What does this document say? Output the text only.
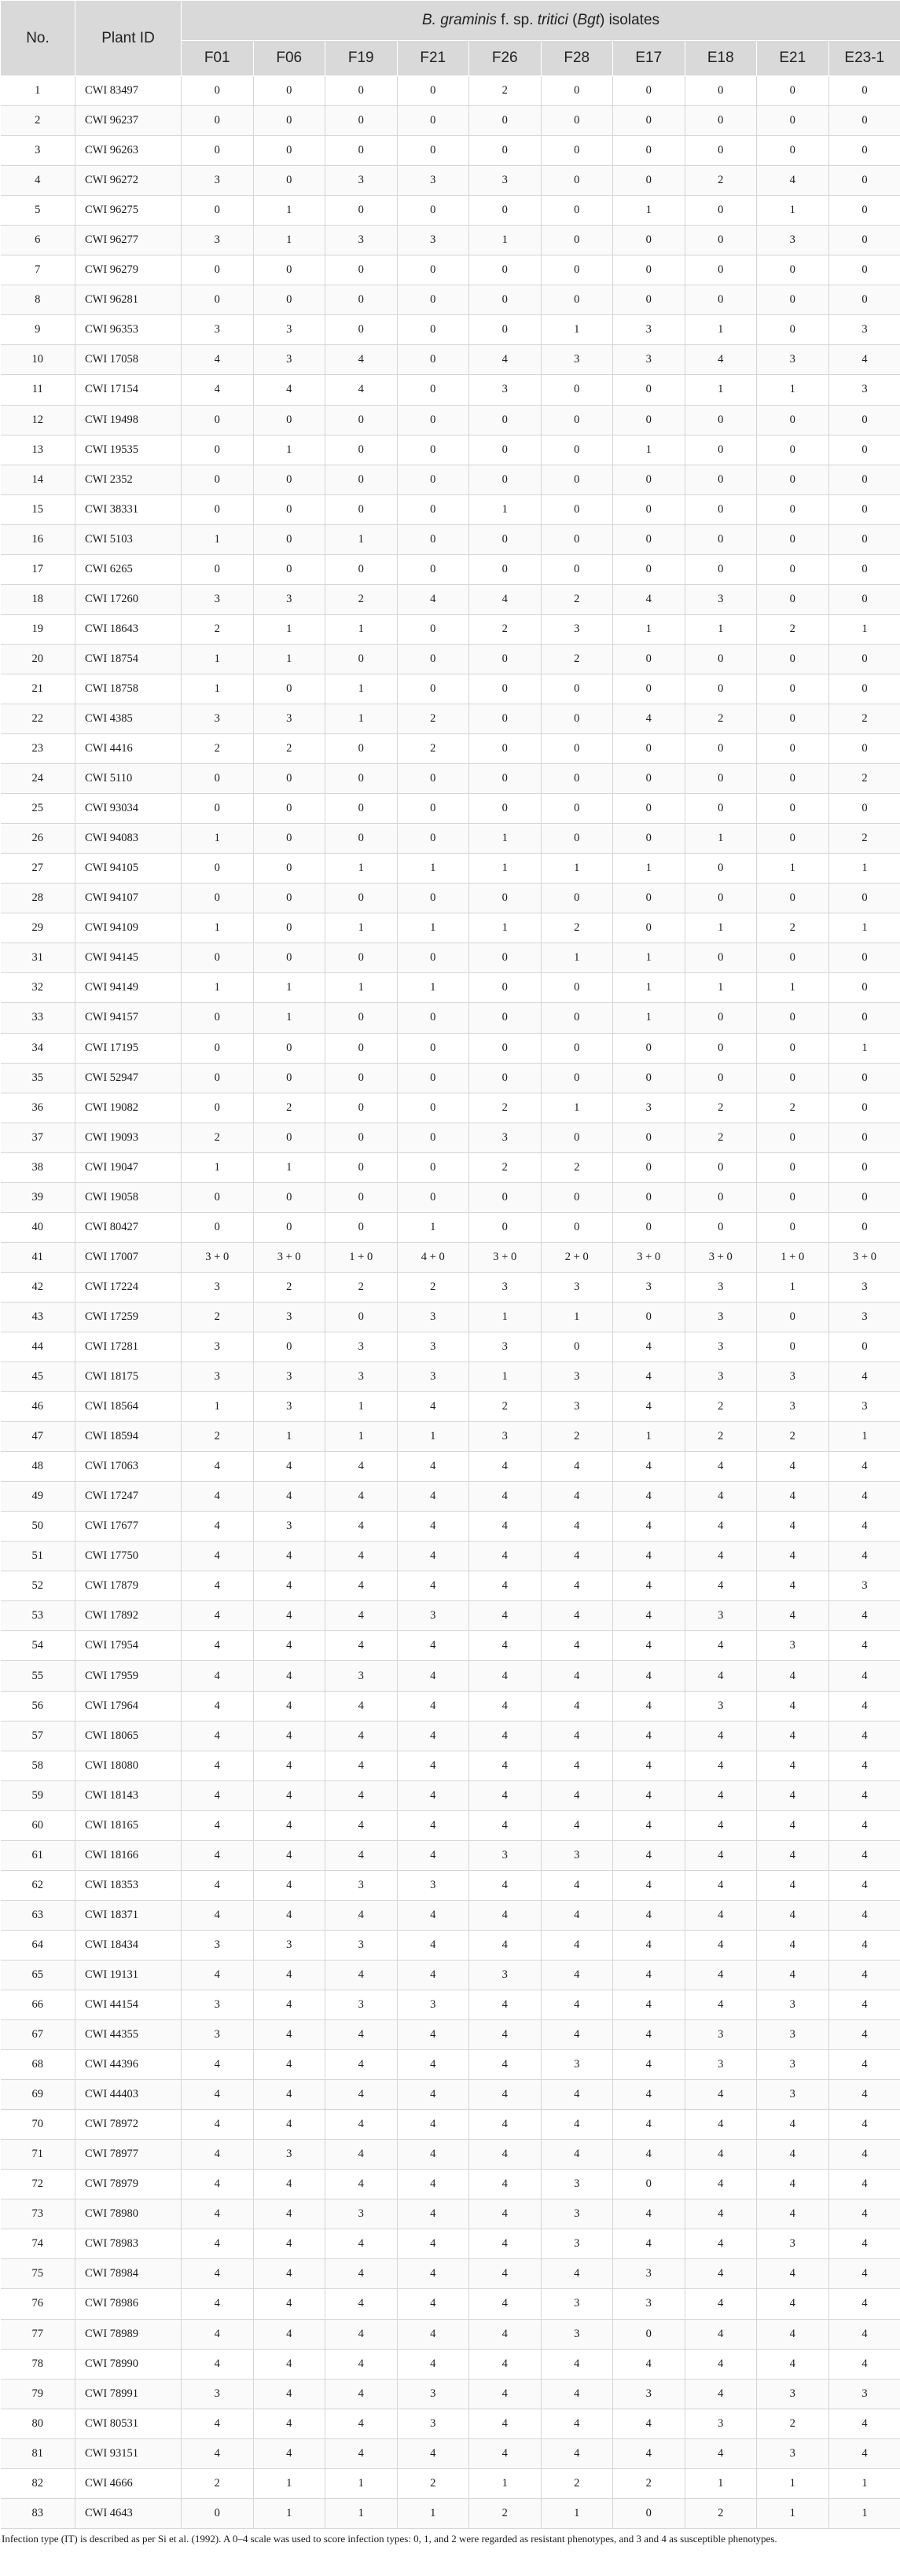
No.	Plant ID	B. graminis f. sp. tritici (Bgt) isolates									
		F01	F06	F19	F21	F26	F28	E17	E18	E21	E23-1
1	CWI 83497	0	0	0	0	2	0	0	0	0	0
2	CWI 96237	0	0	0	0	0	0	0	0	0	0
3	CWI 96263	0	0	0	0	0	0	0	0	0	0
4	CWI 96272	3	0	3	3	3	0	0	2	4	0
5	CWI 96275	0	1	0	0	0	0	1	0	1	0
6	CWI 96277	3	1	3	3	1	0	0	0	3	0
7	CWI 96279	0	0	0	0	0	0	0	0	0	0
8	CWI 96281	0	0	0	0	0	0	0	0	0	0
9	CWI 96353	3	3	0	0	0	1	3	1	0	3
10	CWI 17058	4	3	4	0	4	3	3	4	3	4
11	CWI 17154	4	4	4	0	3	0	0	1	1	3
12	CWI 19498	0	0	0	0	0	0	0	0	0	0
13	CWI 19535	0	1	0	0	0	0	1	0	0	0
14	CWI 2352	0	0	0	0	0	0	0	0	0	0
15	CWI 38331	0	0	0	0	1	0	0	0	0	0
16	CWI 5103	1	0	1	0	0	0	0	0	0	0
17	CWI 6265	0	0	0	0	0	0	0	0	0	0
18	CWI 17260	3	3	2	4	4	2	4	3	0	0
19	CWI 18643	2	1	1	0	2	3	1	1	2	1
20	CWI 18754	1	1	0	0	0	2	0	0	0	0
21	CWI 18758	1	0	1	0	0	0	0	0	0	0
22	CWI 4385	3	3	1	2	0	0	4	2	0	2
23	CWI 4416	2	2	0	2	0	0	0	0	0	0
24	CWI 5110	0	0	0	0	0	0	0	0	0	2
25	CWI 93034	0	0	0	0	0	0	0	0	0	0
26	CWI 94083	1	0	0	0	1	0	0	1	0	2
27	CWI 94105	0	0	1	1	1	1	1	0	1	1
28	CWI 94107	0	0	0	0	0	0	0	0	0	0
29	CWI 94109	1	0	1	1	1	2	0	1	2	1
31	CWI 94145	0	0	0	0	0	1	1	0	0	0
32	CWI 94149	1	1	1	1	0	0	1	1	1	0
33	CWI 94157	0	1	0	0	0	0	1	0	0	0
34	CWI 17195	0	0	0	0	0	0	0	0	0	1
35	CWI 52947	0	0	0	0	0	0	0	0	0	0
36	CWI 19082	0	2	0	0	2	1	3	2	2	0
37	CWI 19093	2	0	0	0	3	0	0	2	0	0
38	CWI 19047	1	1	0	0	2	2	0	0	0	0
39	CWI 19058	0	0	0	0	0	0	0	0	0	0
40	CWI 80427	0	0	0	1	0	0	0	0	0	0
41	CWI 17007	3 + 0	3 + 0	1 + 0	4 + 0	3 + 0	2 + 0	3 + 0	3 + 0	1 + 0	3 + 0
42	CWI 17224	3	2	2	2	3	3	3	3	1	3
43	CWI 17259	2	3	0	3	1	1	0	3	0	3
44	CWI 17281	3	0	3	3	3	0	4	3	0	0
45	CWI 18175	3	3	3	3	1	3	4	3	3	4
46	CWI 18564	1	3	1	4	2	3	4	2	3	3
47	CWI 18594	2	1	1	1	3	2	1	2	2	1
48	CWI 17063	4	4	4	4	4	4	4	4	4	4
49	CWI 17247	4	4	4	4	4	4	4	4	4	4
50	CWI 17677	4	3	4	4	4	4	4	4	4	4
51	CWI 17750	4	4	4	4	4	4	4	4	4	4
52	CWI 17879	4	4	4	4	4	4	4	4	4	3
53	CWI 17892	4	4	4	3	4	4	4	3	4	4
54	CWI 17954	4	4	4	4	4	4	4	4	3	4
55	CWI 17959	4	4	3	4	4	4	4	4	4	4
56	CWI 17964	4	4	4	4	4	4	4	3	4	4
57	CWI 18065	4	4	4	4	4	4	4	4	4	4
58	CWI 18080	4	4	4	4	4	4	4	4	4	4
59	CWI 18143	4	4	4	4	4	4	4	4	4	4
60	CWI 18165	4	4	4	4	4	4	4	4	4	4
61	CWI 18166	4	4	4	4	3	3	4	4	4	4
62	CWI 18353	4	4	3	3	4	4	4	4	4	4
63	CWI 18371	4	4	4	4	4	4	4	4	4	4
64	CWI 18434	3	3	3	4	4	4	4	4	4	4
65	CWI 19131	4	4	4	4	3	4	4	4	4	4
66	CWI 44154	3	4	3	3	4	4	4	4	3	4
67	CWI 44355	3	4	4	4	4	4	4	3	3	4
68	CWI 44396	4	4	4	4	4	3	4	3	3	4
69	CWI 44403	4	4	4	4	4	4	4	4	3	4
70	CWI 78972	4	4	4	4	4	4	4	4	4	4
71	CWI 78977	4	3	4	4	4	4	4	4	4	4
72	CWI 78979	4	4	4	4	4	3	0	4	4	4
73	CWI 78980	4	4	3	4	4	3	4	4	4	4
74	CWI 78983	4	4	4	4	4	3	4	4	3	4
75	CWI 78984	4	4	4	4	4	4	3	4	4	4
76	CWI 78986	4	4	4	4	4	3	3	4	4	4
77	CWI 78989	4	4	4	4	4	3	0	4	4	4
78	CWI 78990	4	4	4	4	4	4	4	4	4	4
79	CWI 78991	3	4	4	3	4	4	3	4	3	3
80	CWI 80531	4	4	4	3	4	4	4	3	2	4
81	CWI 93151	4	4	4	4	4	4	4	4	3	4
82	CWI 4666	2	1	1	2	1	2	2	1	1	1
83	CWI 4643	0	1	1	1	2	1	0	2	1	1
Infection type (IT) is described as per Si et al. (1992). A 0–4 scale was used to score infection types: 0, 1, and 2 were regarded as resistant phenotypes, and 3 and 4 as susceptible phenotypes.
